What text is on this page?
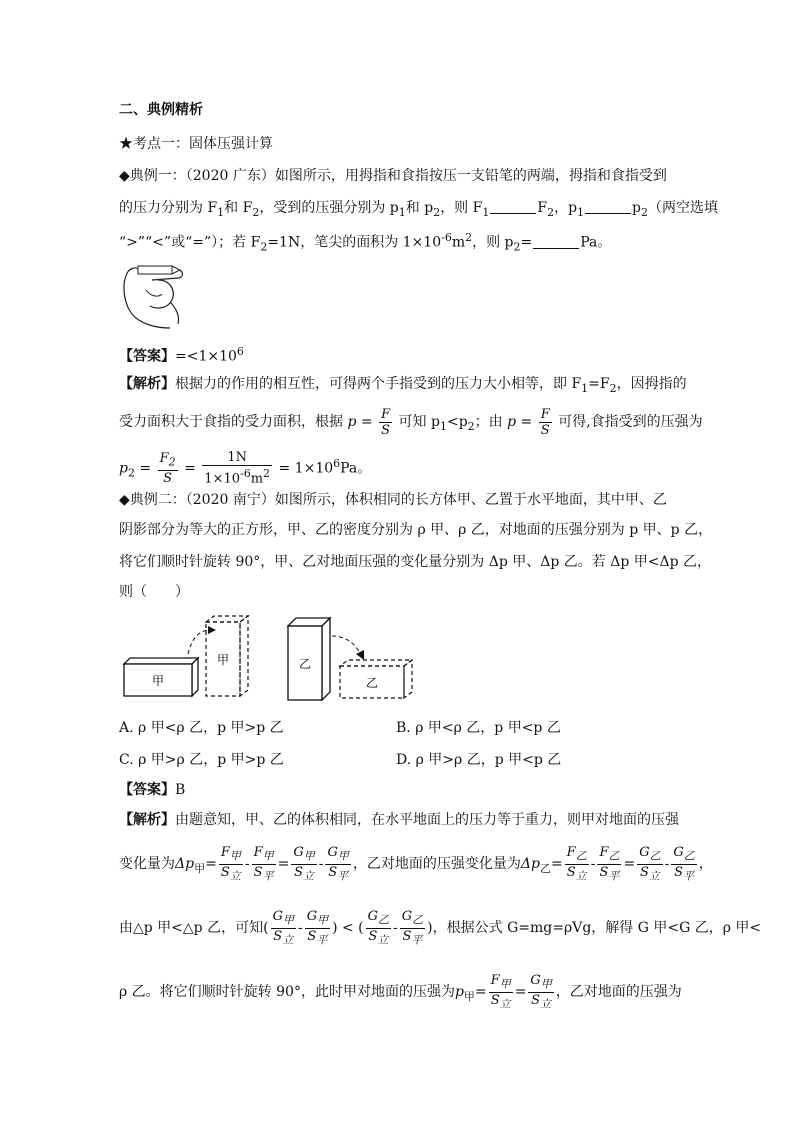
二、典例精析
★考点一：固体压强计算
◆典例一：（2020 广东）如图所示，用拇指和食指按压一支铅笔的两端，拇指和食指受到
的压力分别为 $F_1$和 $F_2$，受到的压强分别为 $p_1$和 $p_2$，则 $F_1$	$F_2$，$p_1$	$p_2$（两空选填
“>”“<”或“=”）；若 $F_2=1N$，笔尖的面积为 $1\times 10^{-6}m^2$，则 $p_2=$	Pa。
【答案】$=<1\times 10^6$
【解析】根据力的作用的相互性，可得两个手指受到的压力大小相等，即 $F_1=F_2$，因拇指的
受力面积大于食指的受力面积，根据 $p = \frac{F}{S}$ 可知 $p_1<p_2$；由 $p = \frac{F}{S}$ 可得,食指受到的压强为
$p_2 = \frac{F_2}{S} = \frac{1N}{1\times 10^{-6}m^2} = 1\times 10^6Pa$。
◆典例二：（2020 南宁）如图所示，体积相同的长方体甲、乙置于水平地面，其中甲、乙
阴影部分为等大的正方形，甲、乙的密度分别为 ρ 甲、ρ 乙，对地面的压强分别为 p 甲、p 乙，
将它们顺时针旋转 90°，甲、乙对地面压强的变化量分别为 Δp 甲、Δp 乙。若 Δp 甲<Δp 乙，
则（　　）
甲
甲	乙
乙
A. ρ 甲<ρ 乙，p 甲>p 乙	B. ρ 甲<ρ 乙，p 甲<p 乙
C. ρ 甲>ρ 乙，p 甲>p 乙	D. ρ 甲>ρ 乙，p 甲<p 乙
【答案】B
【解析】由题意知，甲、乙的体积相同，在水平地面上的压力等于重力，则甲对地面的压强
变化量为$\Delta p_甲= \frac{F_甲}{S_立} - \frac{F_甲}{S_平} = \frac{G_甲}{S_立} - \frac{G_甲}{S_平}$ ，乙对地面的压强变化量为$\Delta p_乙= \frac{F_乙}{S_立} - \frac{F_乙}{S_平} = \frac{G_乙}{S_立} - \frac{G_乙}{S_平}$ ，
由△p 甲<△p 乙，可知( $\frac{G_甲}{S_立} - \frac{G_甲}{S_平}$ ) < ( $\frac{G_乙}{S_立} - \frac{G_乙}{S_平}$ )，根据公式 G=mg=ρVg，解得 G 甲<G 乙，ρ 甲<
ρ 乙。将它们顺时针旋转 90°，此时甲对地面的压强为$p_甲= \frac{F_甲}{S_立} = \frac{G_甲}{S_立}$ ，乙对地面的压强为
